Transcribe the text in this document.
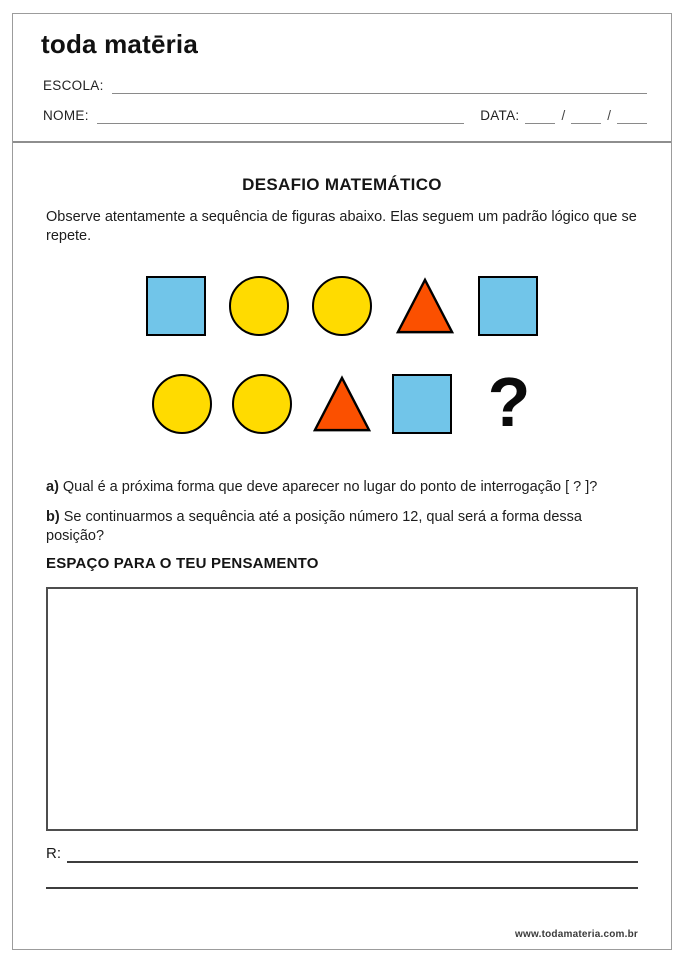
toda matēria
ESCOLA:
NOME:	DATA:	/	/
DESAFIO MATEMÁTICO
Observe atentamente a sequência de figuras abaixo. Elas seguem um padrão lógico que se repete.
?
a) Qual é a próxima forma que deve aparecer no lugar do ponto de interrogação [ ? ]?
b) Se continuarmos a sequência até a posição número 12, qual será a forma dessa posição?
ESPAÇO PARA O TEU PENSAMENTO
R:
www.todamateria.com.br
